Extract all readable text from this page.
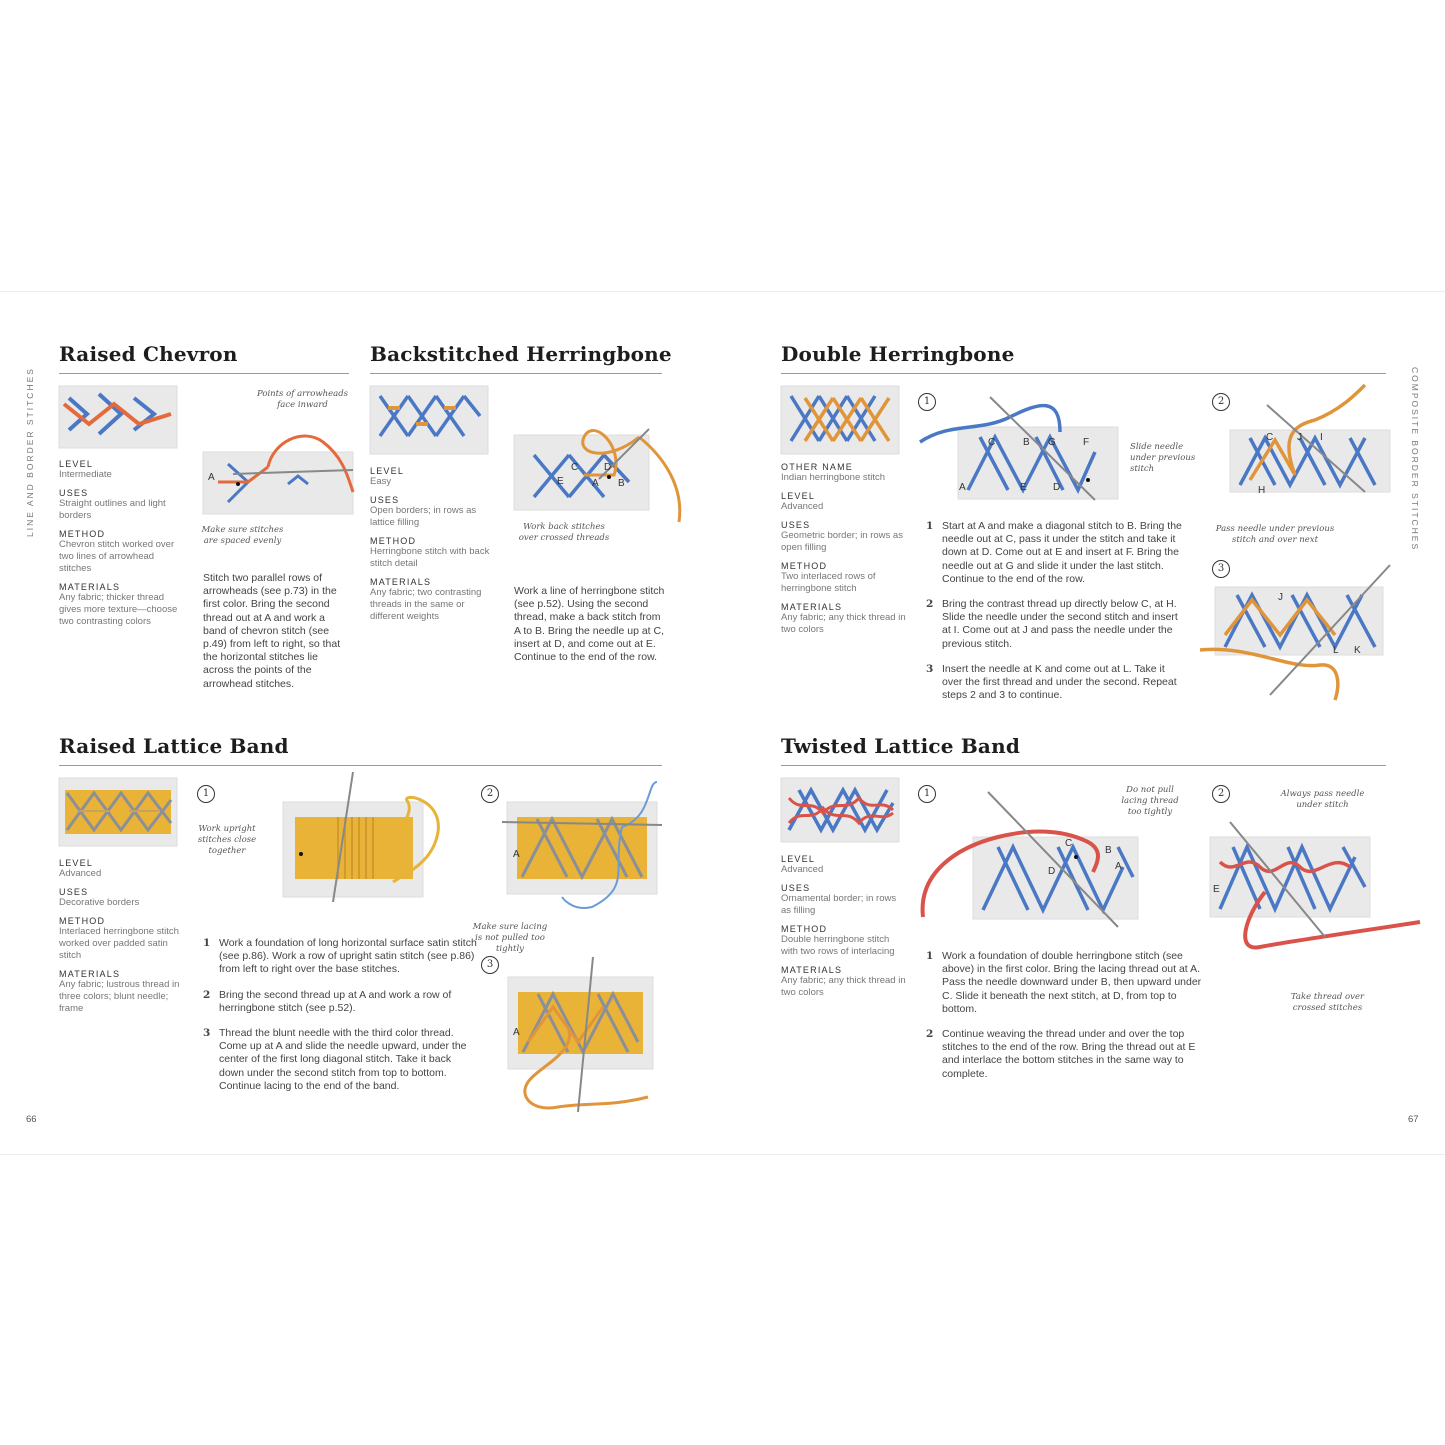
LINE AND BORDER STITCHES	COMPOSITE BORDER STITCHES
66	67
Raised Chevron
LEVEL
Intermediate
USES
Straight outlines and light borders
METHOD
Chevron stitch worked over two lines of arrowhead stitches
MATERIALS
Any fabric; thicker thread gives more texture—choose two contrasting colors
Points of arrowheads face inward
A
Make sure stitches are spaced evenly
Stitch two parallel rows of arrowheads (see p.73) in the first color. Bring the second thread out at A and work a band of chevron stitch (see p.49) from left to right, so that the horizontal stitches lie across the points of the arrowhead stitches.
Backstitched Herringbone
LEVEL
Easy
USES
Open borders; in rows as lattice filling
METHOD
Herringbone stitch with back stitch detail
MATERIALS
Any fabric; two contrasting threads in the same or different weights
C	D
E	A B
Work back stitches over crossed threads
Work a line of herringbone stitch (see p.52). Using the second thread, make a back stitch from A to B. Bring the needle up at C, insert at D, and come out at E. Continue to the end of the row.
Double Herringbone
OTHER NAME
Indian herringbone stitch
LEVEL
Advanced
USES
Geometric border; in rows as open filling
METHOD
Two interlaced rows of herringbone stitch
MATERIALS
Any fabric; any thick thread in two colors
1
C	B G	F
A	E	D
Slide needle under previous stitch
2
C J I
H
Pass needle under previous stitch and over next
3
J
L K
1 Start at A and make a diagonal stitch to B. Bring the needle out at C, pass it under the stitch and take it down at D. Come out at E and insert at F. Bring the needle out at G and slide it under the last stitch. Continue to the end of the row.
2 Bring the contrast thread up directly below C, at H. Slide the needle under the second stitch and insert at I. Come out at J and pass the needle under the previous stitch.
3 Insert the needle at K and come out at L. Take it over the first thread and under the second. Repeat steps 2 and 3 to continue.
Raised Lattice Band
LEVEL
Advanced
USES
Decorative borders
METHOD
Interlaced herringbone stitch worked over padded satin stitch
MATERIALS
Any fabric; lustrous thread in three colors; blunt needle; frame
1
Work upright stitches close together
2
A
Make sure lacing is not pulled too tightly
3
A
1 Work a foundation of long horizontal surface satin stitch (see p.86). Work a row of upright satin stitch (see p.86) from left to right over the base stitches.
2 Bring the second thread up at A and work a row of herringbone stitch (see p.52).
3 Thread the blunt needle with the third color thread. Come up at A and slide the needle upward, under the center of the first long diagonal stitch. Take it back down under the second stitch from top to bottom. Continue lacing to the end of the band.
Twisted Lattice Band
LEVEL
Advanced
USES
Ornamental border; in rows as filling
METHOD
Double herringbone stitch with two rows of interlacing
MATERIALS
Any fabric; any thick thread in two colors
1	Do not pull lacing thread too tightly
C
B
D	A
2	Always pass needle under stitch
E
Take thread over crossed stitches
1 Work a foundation of double herringbone stitch (see above) in the first color. Bring the lacing thread out at A. Pass the needle downward under B, then upward under C. Slide it beneath the next stitch, at D, from top to bottom.
2 Continue weaving the thread under and over the top stitches to the end of the row. Bring the thread out at E and interlace the bottom stitches in the same way to complete.
